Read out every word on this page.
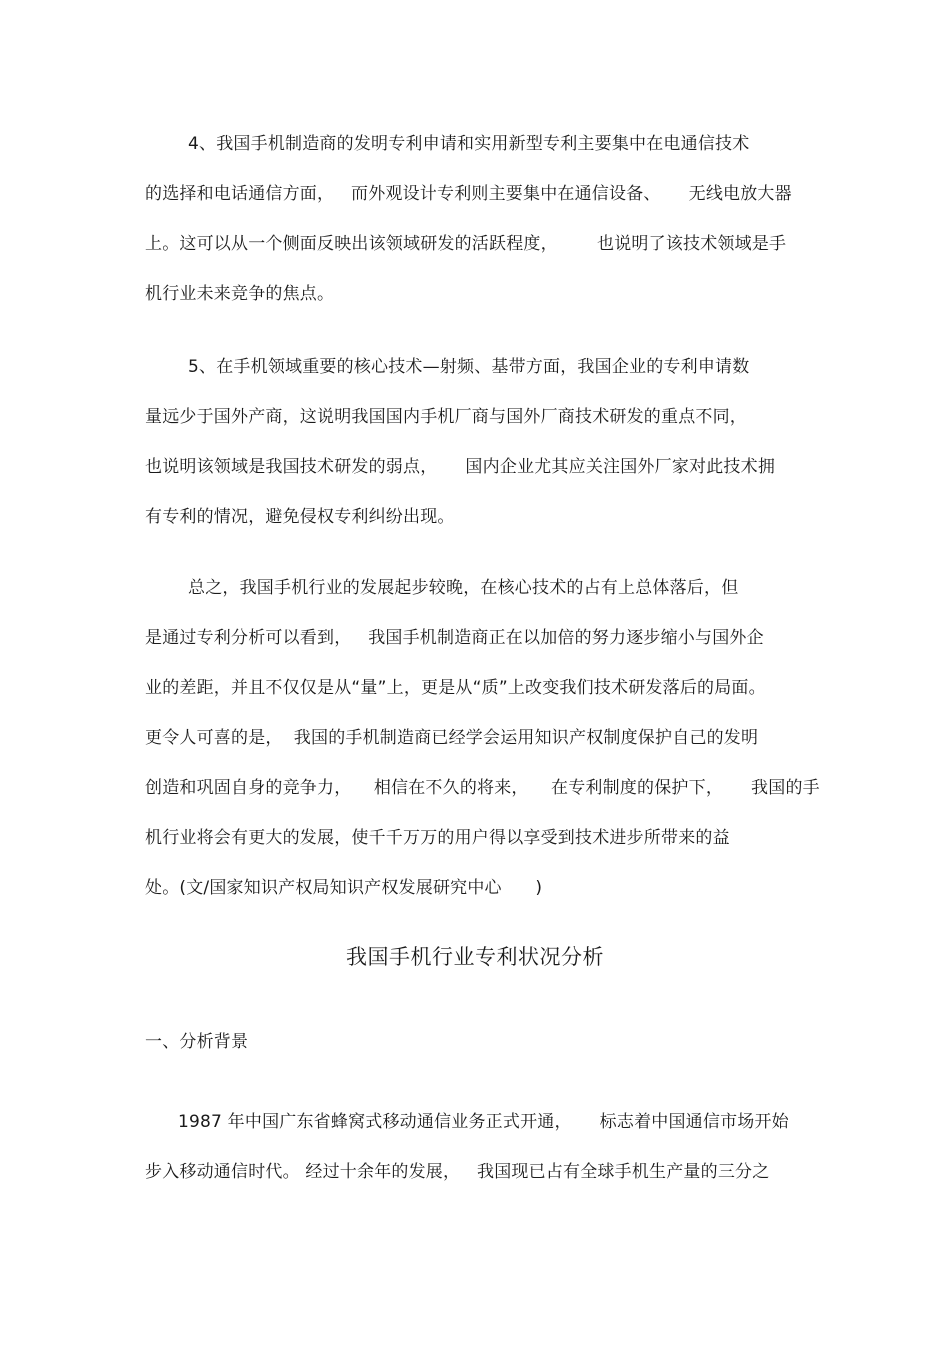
4、我国手机制造商的发明专利申请和实用新型专利主要集中在电通信技术
的选择和电话通信方面，   而外观设计专利则主要集中在通信设备、     无线电放大器
上。这可以从一个侧面反映出该领域研发的活跃程度，       也说明了该技术领域是手
机行业未来竞争的焦点。
5、在手机领域重要的核心技术—射频、基带方面，我国企业的专利申请数
量远少于国外产商，这说明我国国内手机厂商与国外厂商技术研发的重点不同，
也说明该领域是我国技术研发的弱点，     国内企业尤其应关注国外厂家对此技术拥
有专利的情况，避免侵权专利纠纷出现。
总之，我国手机行业的发展起步较晚，在核心技术的占有上总体落后，但
是通过专利分析可以看到，   我国手机制造商正在以加倍的努力逐步缩小与国外企
业的差距，并且不仅仅是从“量”上，更是从“质”上改变我们技术研发落后的局面。
更令人可喜的是，  我国的手机制造商已经学会运用知识产权制度保护自己的发明
创造和巩固自身的竞争力，    相信在不久的将来，    在专利制度的保护下，     我国的手
机行业将会有更大的发展，使千千万万的用户得以享受到技术进步所带来的益
处。(文/国家知识产权局知识产权发展研究中心      )
我国手机行业专利状况分析
一、分析背景
1987 年中国广东省蜂窝式移动通信业务正式开通，     标志着中国通信市场开始
步入移动通信时代。 经过十余年的发展，   我国现已占有全球手机生产量的三分之
